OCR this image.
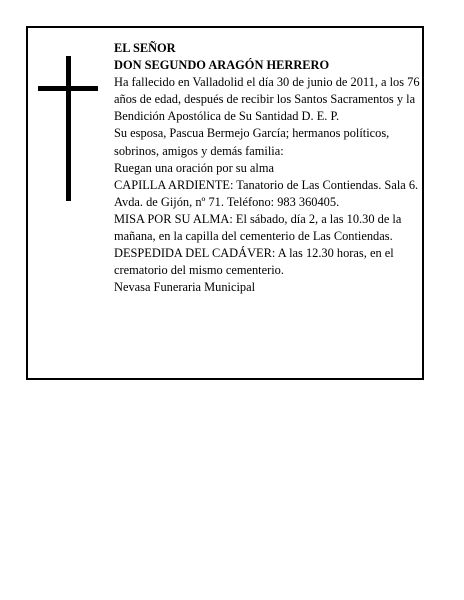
EL SEÑOR

DON SEGUNDO ARAGÓN HERRERO

Ha fallecido en Valladolid el día 30 de junio de 2011, a los 76 años de edad, después de recibir los Santos Sacramentos y la Bendición Apostólica de Su Santidad D. E. P.

Su esposa, Pascua Bermejo García; hermanos políticos, sobrinos, amigos y demás familia:

Ruegan una oración por su alma

CAPILLA ARDIENTE: Tanatorio de Las Contiendas. Sala 6. Avda. de Gijón, nº 71. Teléfono: 983 360405.

MISA POR SU ALMA: El sábado, día 2, a las 10.30 de la mañana, en la capilla del cementerio de Las Contiendas.

DESPEDIDA DEL CADÁVER: A las 12.30 horas, en el crematorio del mismo cementerio.

Nevasa Funeraria Municipal
